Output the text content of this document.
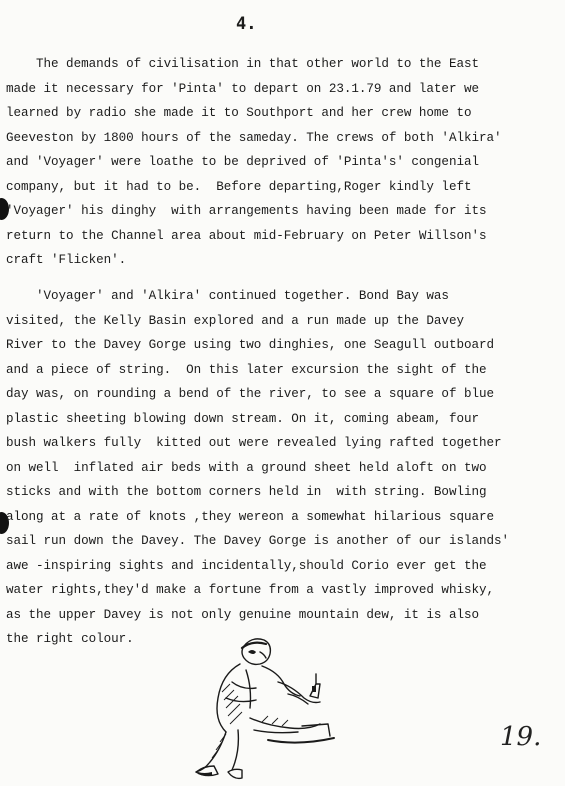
4.
The demands of civilisation in that other world to the East
made it necessary for 'Pinta' to depart on 23.1.79 and later we
learned by radio she made it to Southport and her crew home to
Geeveston by 1800 hours of the sameday. The crews of both 'Alkira'
and 'Voyager' were loathe to be deprived of 'Pinta's' congenial
company, but it had to be.  Before departing,Roger kindly left
'Voyager' his dinghy  with arrangements having been made for its
return to the Channel area about mid-February on Peter Willson's
craft 'Flicken'.
'Voyager' and 'Alkira' continued together. Bond Bay was
visited, the Kelly Basin explored and a run made up the Davey
River to the Davey Gorge using two dinghies, one Seagull outboard
and a piece of string.  On this later excursion the sight of the
day was, on rounding a bend of the river, to see a square of blue
plastic sheeting blowing down stream. On it, coming abeam, four
bush walkers fully  kitted out were revealed lying rafted together
on well  inflated air beds with a ground sheet held aloft on two
sticks and with the bottom corners held in  with string. Bowling
along at a rate of knots ,they wereon a somewhat hilarious square
sail run down the Davey. The Davey Gorge is another of our islands'
awe -inspiring sights and incidentally,should Corio ever get the
water rights,they'd make a fortune from a vastly improved whisky,
as the upper Davey is not only genuine mountain dew, it is also
the right colour.
19.
